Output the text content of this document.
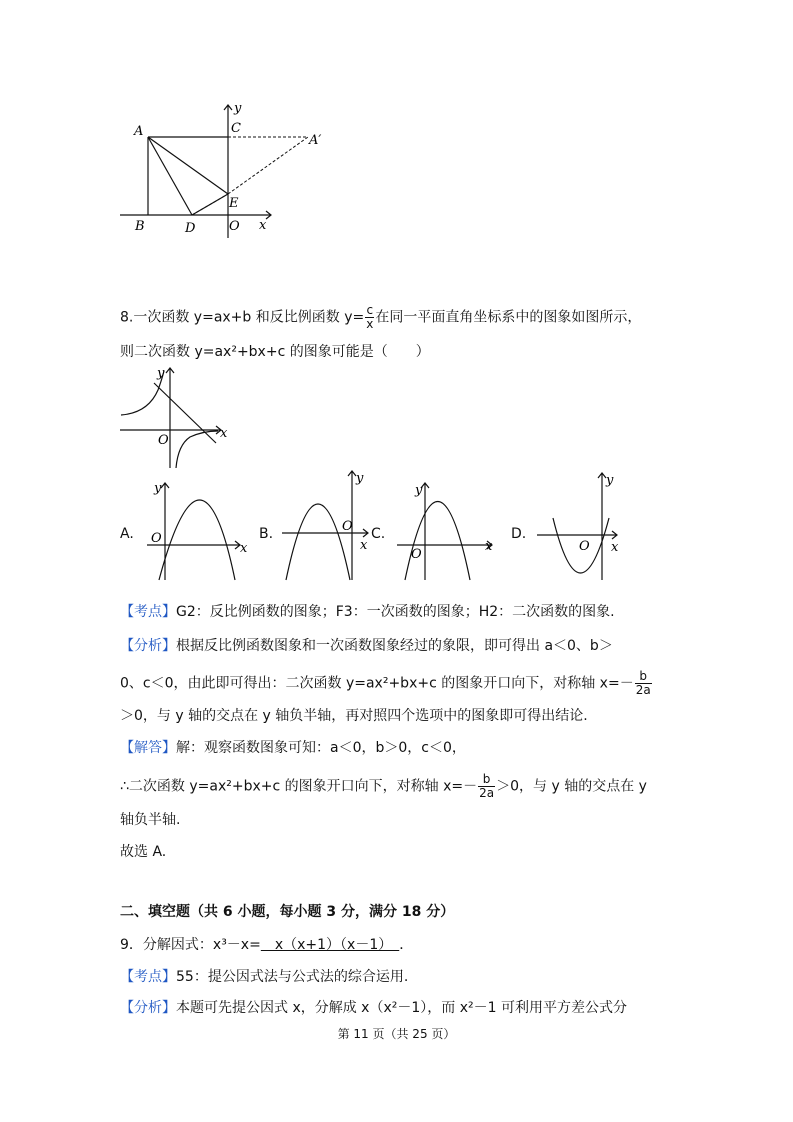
A	C
A′
B	D
E
O x
y
8.一次函数 y=ax+b 和反比例函数 $y= \frac{c}{x}$ 在同一平面直角坐标系中的图象如图所示，
则二次函数 y=ax²+bx+c 的图象可能是（　　）
y
O	x
A.
y
O
x
B.
y
O
x
C.
y
O
x
D.
y
O x
【考点】G2：反比例函数的图象；F3：一次函数的图象；H2：二次函数的图象.
【分析】根据反比例函数图象和一次函数图象经过的象限，即可得出 a＜0、b＞
0、c＜0，由此即可得出：二次函数 y=ax²+bx+c 的图象开口向下，对称轴 $x=- \frac{b}{2a}$
＞0，与 y 轴的交点在 y 轴负半轴，再对照四个选项中的图象即可得出结论.
【解答】解：观察函数图象可知：a＜0，b＞0，c＜0，
∴二次函数 y=ax²+bx+c 的图象开口向下，对称轴 $x=- \frac{b}{2a} >0$，与 y 轴的交点在 y
轴负半轴.
故选 A.
二、填空题（共 6 小题，每小题 3 分，满分 18 分）
9．分解因式：x³－x=　x（x+1）（x－1）　．
【考点】55：提公因式法与公式法的综合运用.
【分析】本题可先提公因式 x，分解成 x（x²－1），而 x²－1 可利用平方差公式分
第 11 页（共 25 页）
